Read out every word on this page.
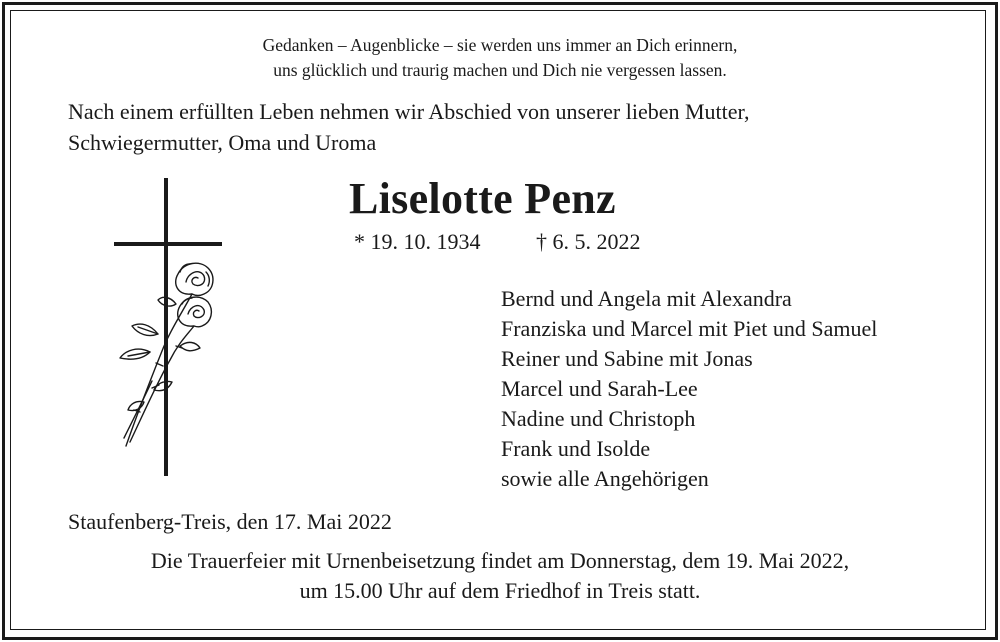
Gedanken – Augenblicke – sie werden uns immer an Dich erinnern,
uns glücklich und traurig machen und Dich nie vergessen lassen.
Nach einem erfüllten Leben nehmen wir Abschied von unserer lieben Mutter,
Schwiegermutter, Oma und Uroma
Liselotte Penz
* 19. 10. 1934	† 6. 5. 2022
Bernd und Angela mit Alexandra
Franziska und Marcel mit Piet und Samuel
Reiner und Sabine mit Jonas
Marcel und Sarah-Lee
Nadine und Christoph
Frank und Isolde
sowie alle Angehörigen
Staufenberg-Treis, den 17. Mai 2022
Die Trauerfeier mit Urnenbeisetzung findet am Donnerstag, dem 19. Mai 2022,
um 15.00 Uhr auf dem Friedhof in Treis statt.
